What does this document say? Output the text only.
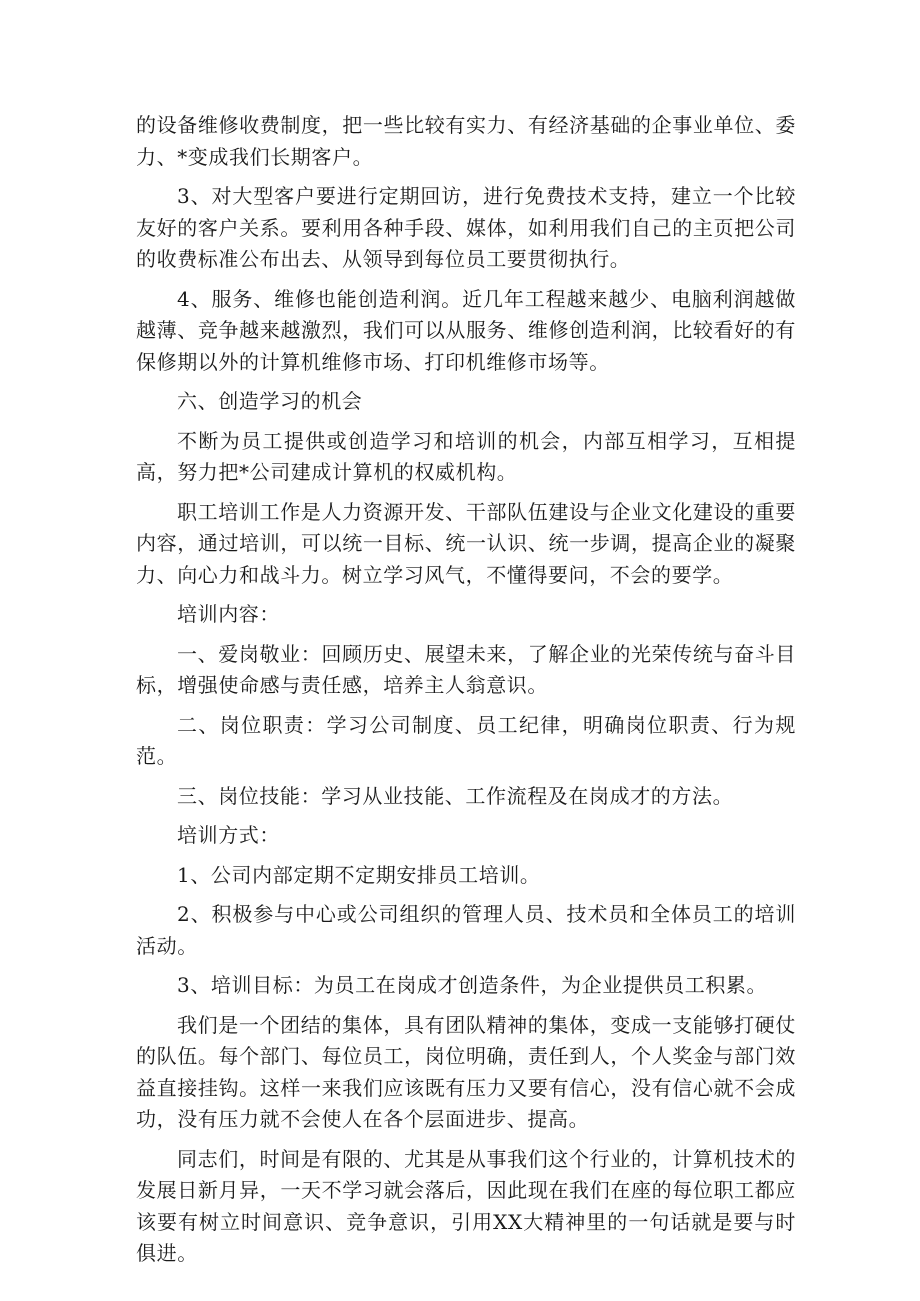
的设备维修收费制度，把一些比较有实力、有经济基础的企事业单位、委力、*变成我们长期客户。

3、对大型客户要进行定期回访，进行免费技术支持，建立一个比较友好的客户关系。要利用各种手段、媒体，如利用我们自己的主页把公司的收费标准公布出去、从领导到每位员工要贯彻执行。

4、服务、维修也能创造利润。近几年工程越来越少、电脑利润越做越薄、竞争越来越激烈，我们可以从服务、维修创造利润，比较看好的有保修期以外的计算机维修市场、打印机维修市场等。

六、创造学习的机会

不断为员工提供或创造学习和培训的机会，内部互相学习，互相提高，努力把*公司建成计算机的权威机构。

职工培训工作是人力资源开发、干部队伍建设与企业文化建设的重要内容，通过培训，可以统一目标、统一认识、统一步调，提高企业的凝聚力、向心力和战斗力。树立学习风气，不懂得要问，不会的要学。

培训内容：

一、爱岗敬业：回顾历史、展望未来，了解企业的光荣传统与奋斗目标，增强使命感与责任感，培养主人翁意识。

二、岗位职责：学习公司制度、员工纪律，明确岗位职责、行为规范。

三、岗位技能：学习从业技能、工作流程及在岗成才的方法。

培训方式：

1、公司内部定期不定期安排员工培训。

2、积极参与中心或公司组织的管理人员、技术员和全体员工的培训活动。

3、培训目标：为员工在岗成才创造条件，为企业提供员工积累。

我们是一个团结的集体，具有团队精神的集体，变成一支能够打硬仗的队伍。每个部门、每位员工，岗位明确，责任到人，个人奖金与部门效益直接挂钩。这样一来我们应该既有压力又要有信心，没有信心就不会成功，没有压力就不会使人在各个层面进步、提高。

同志们，时间是有限的、尤其是从事我们这个行业的，计算机技术的发展日新月异，一天不学习就会落后，因此现在我们在座的每位职工都应该要有树立时间意识、竞争意识，引用XX大精神里的一句话就是要与时俱进。
